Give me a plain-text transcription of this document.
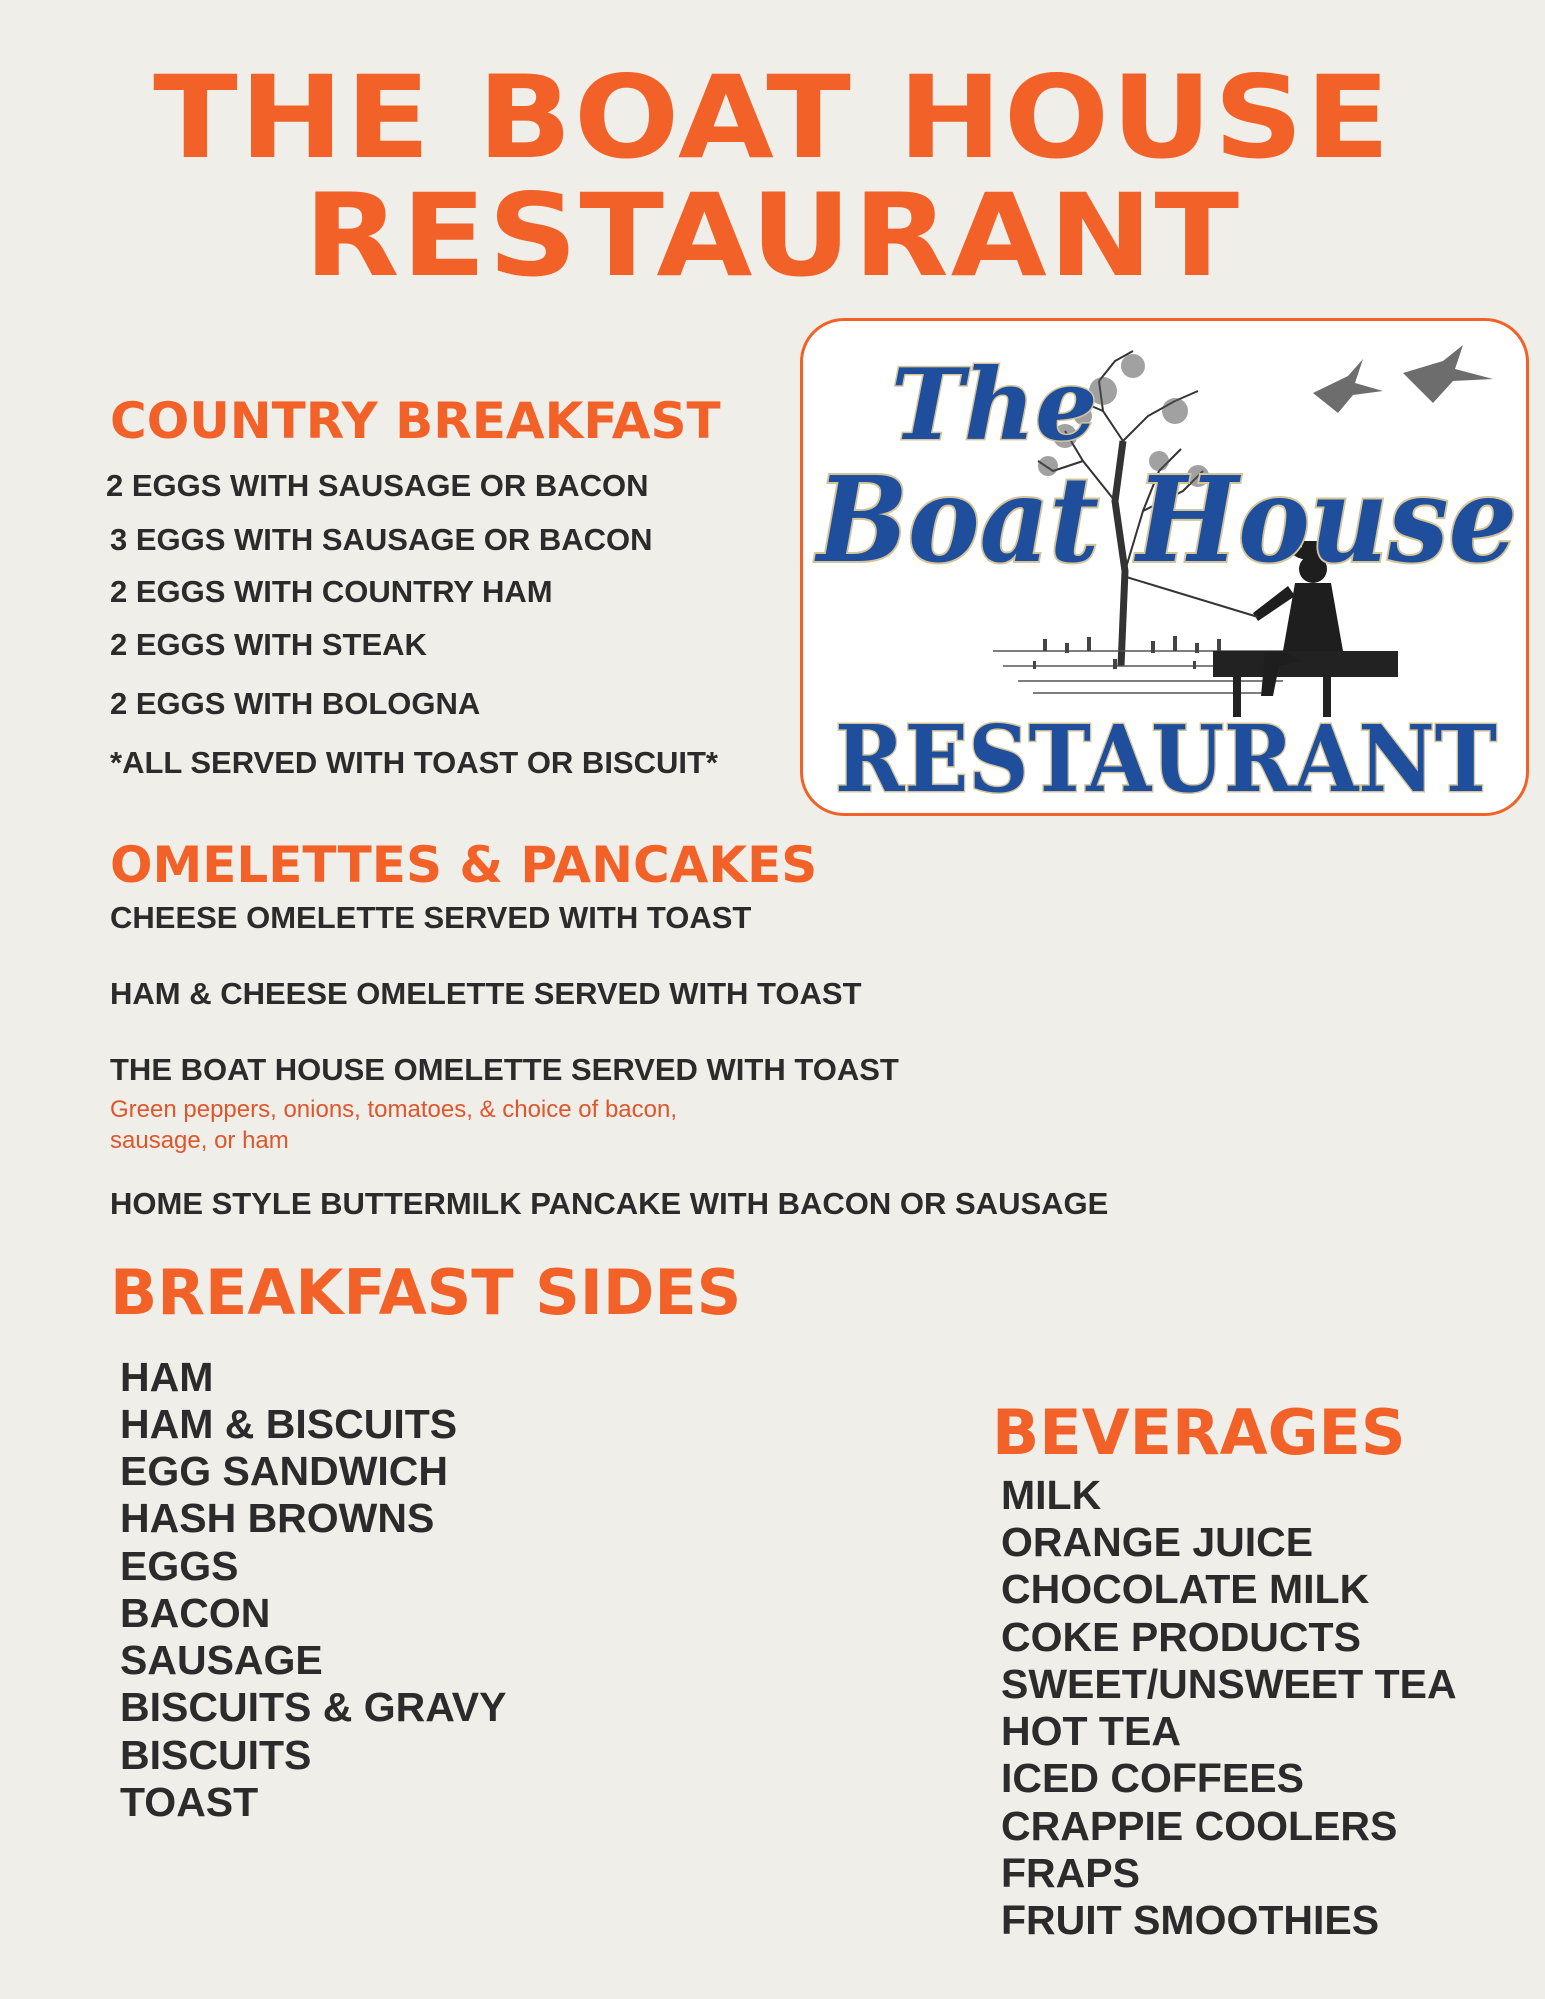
THE BOAT HOUSE
RESTAURANT
The
Boat House
RESTAURANT
COUNTRY BREAKFAST
2 EGGS WITH SAUSAGE OR BACON
3 EGGS WITH SAUSAGE OR BACON
2 EGGS WITH COUNTRY HAM
2 EGGS WITH STEAK
2 EGGS WITH BOLOGNA
*ALL SERVED WITH TOAST OR BISCUIT*
OMELETTES & PANCAKES
CHEESE OMELETTE SERVED WITH TOAST
HAM & CHEESE OMELETTE SERVED WITH TOAST
THE BOAT HOUSE OMELETTE SERVED WITH TOAST
Green peppers, onions, tomatoes, & choice of bacon, sausage, or ham
HOME STYLE BUTTERMILK PANCAKE WITH BACON OR SAUSAGE
BREAKFAST SIDES
HAM
HAM & BISCUITS
EGG SANDWICH
HASH BROWNS
EGGS
BACON
SAUSAGE
BISCUITS & GRAVY
BISCUITS
TOAST
BEVERAGES
MILK
ORANGE JUICE
CHOCOLATE MILK
COKE PRODUCTS
SWEET/UNSWEET TEA
HOT TEA
ICED COFFEES
CRAPPIE COOLERS
FRAPS
FRUIT SMOOTHIES
